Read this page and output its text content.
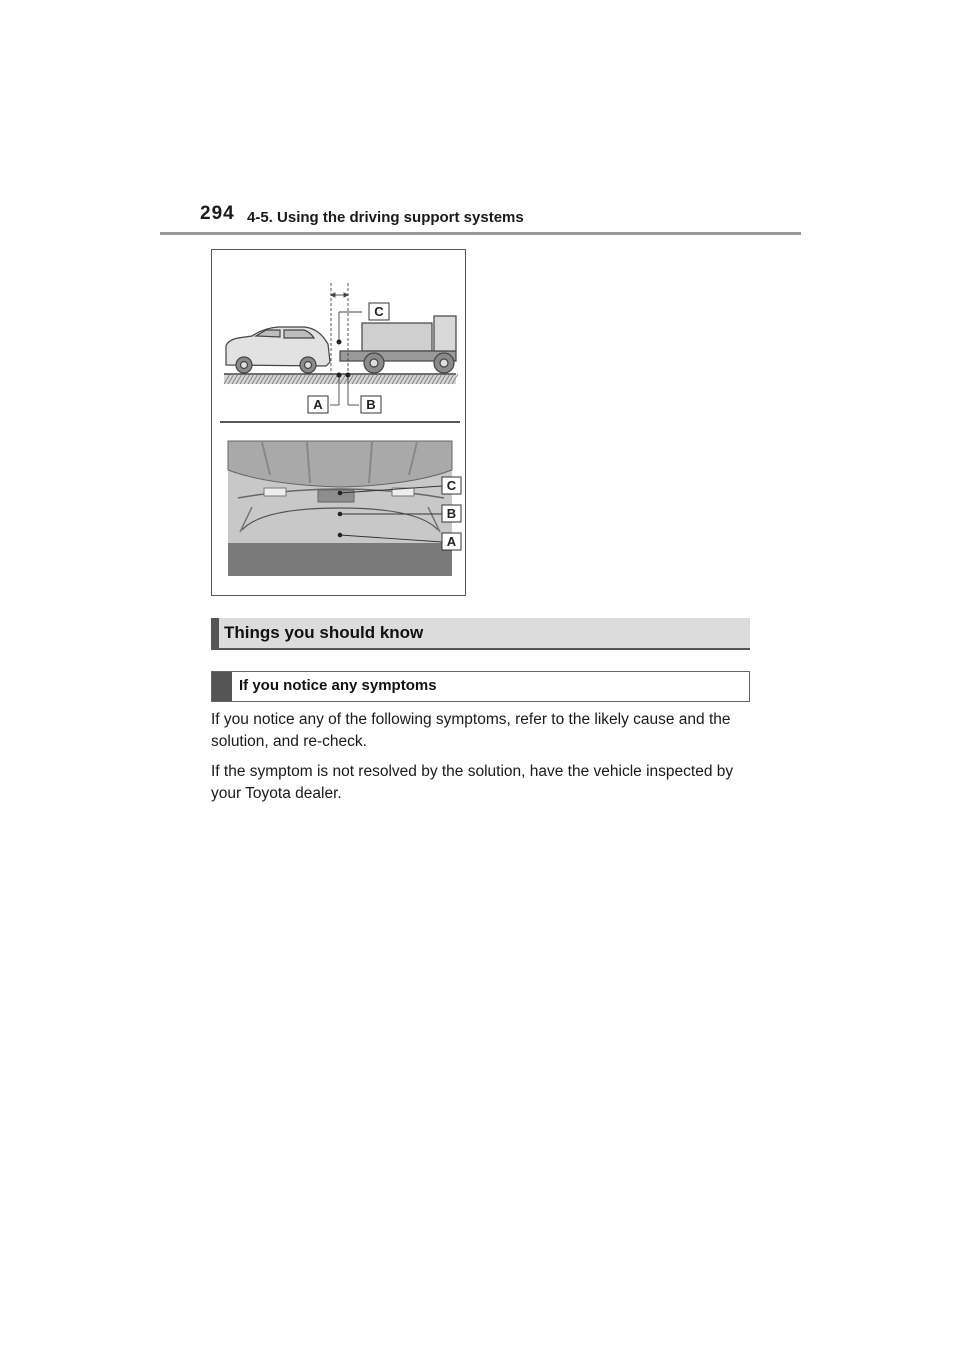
294 4-5. Using the driving support systems
C
A	B
C
B
A
Things you should know
If you notice any symptoms
If you notice any of the following symptoms, refer to the likely cause and the solution, and re-check.
If the symptom is not resolved by the solution, have the vehicle inspected by your Toyota dealer.
